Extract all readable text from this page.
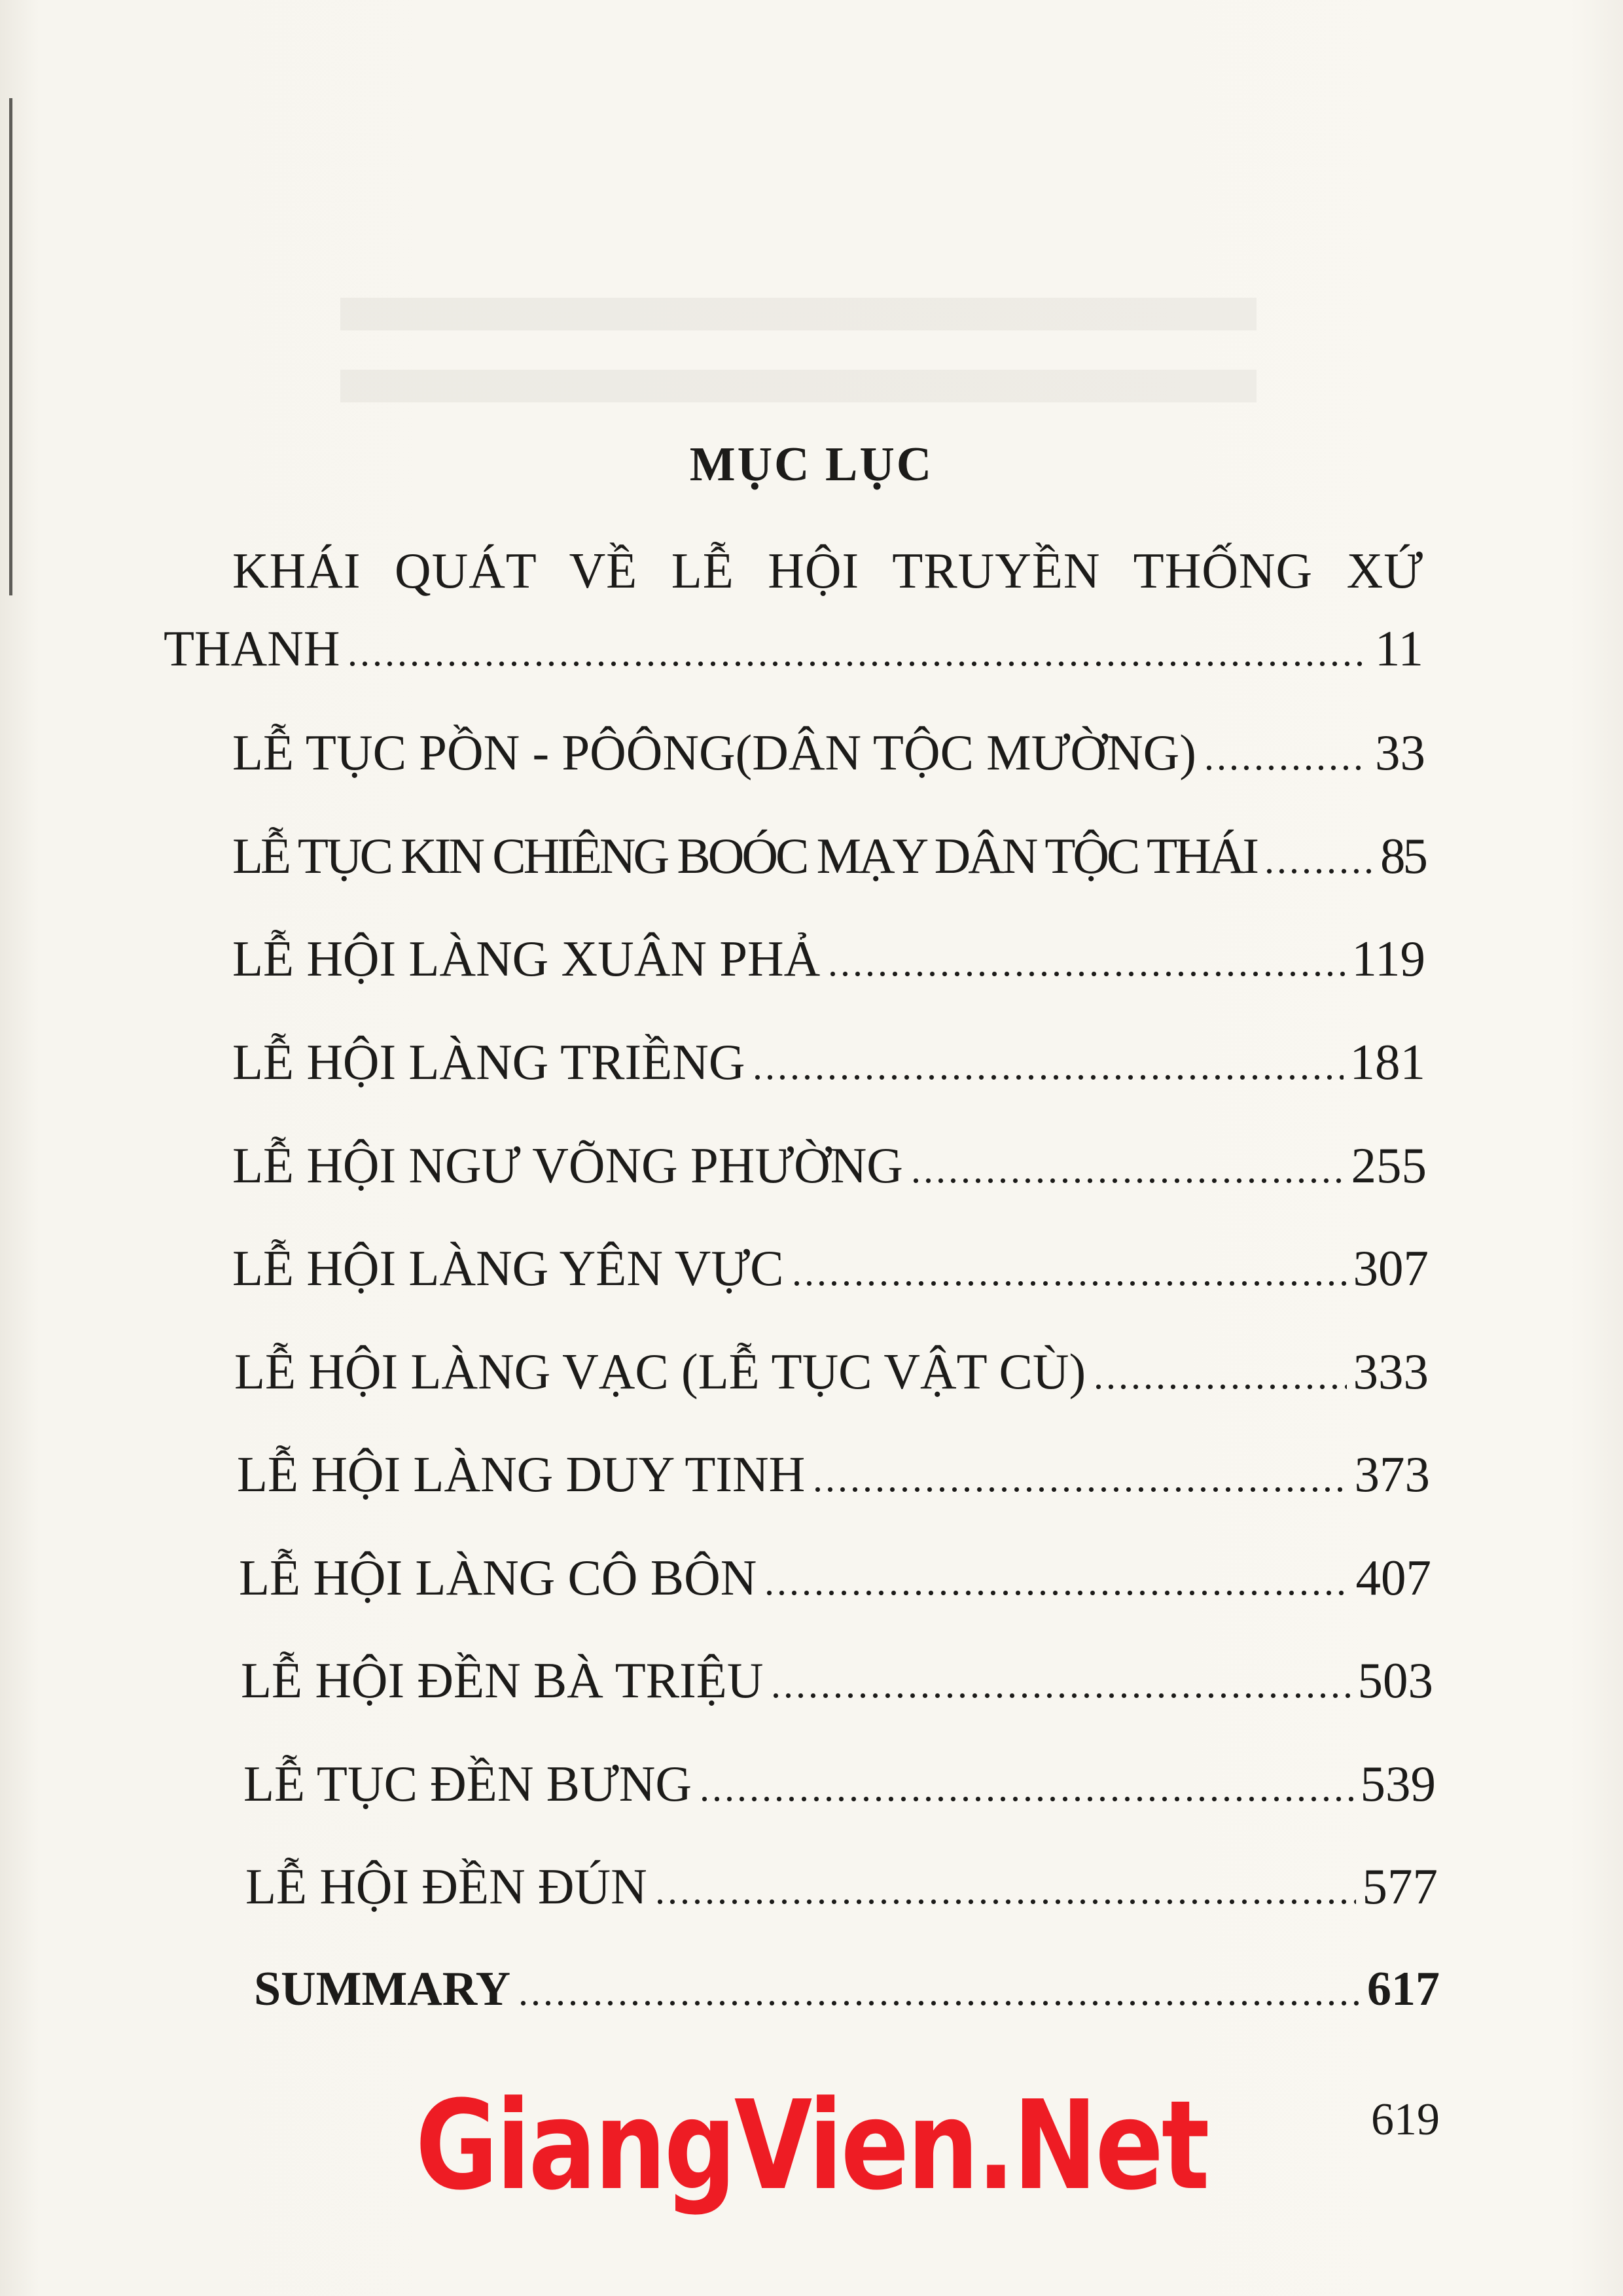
MỤC LỤC
KHÁI QUÁT VỀ LỄ HỘI TRUYỀN THỐNG XỨ
THANH	11
LỄ TỤC PỒN - PÔÔNG(DÂN TỘC MƯỜNG)	33
LỄ TỤC KIN CHIÊNG BOÓC MẠY DÂN TỘC THÁI 85
LỄ HỘI LÀNG XUÂN PHẢ	119
LỄ HỘI LÀNG TRIỀNG	181
LỄ HỘI NGƯ VÕNG PHƯỜNG	255
LỄ HỘI LÀNG YÊN VỰC	307
LỄ HỘI LÀNG VẠC (LỄ TỤC VẬT CÙ)	333
LỄ HỘI LÀNG DUY TINH	373
LỄ HỘI LÀNG CÔ BÔN	407
LỄ HỘI ĐỀN BÀ TRIỆU	503
LỄ TỤC ĐỀN BƯNG	539
LỄ HỘI ĐỀN ĐÚN	577
SUMMARY	617
619
GiangVien.Net
